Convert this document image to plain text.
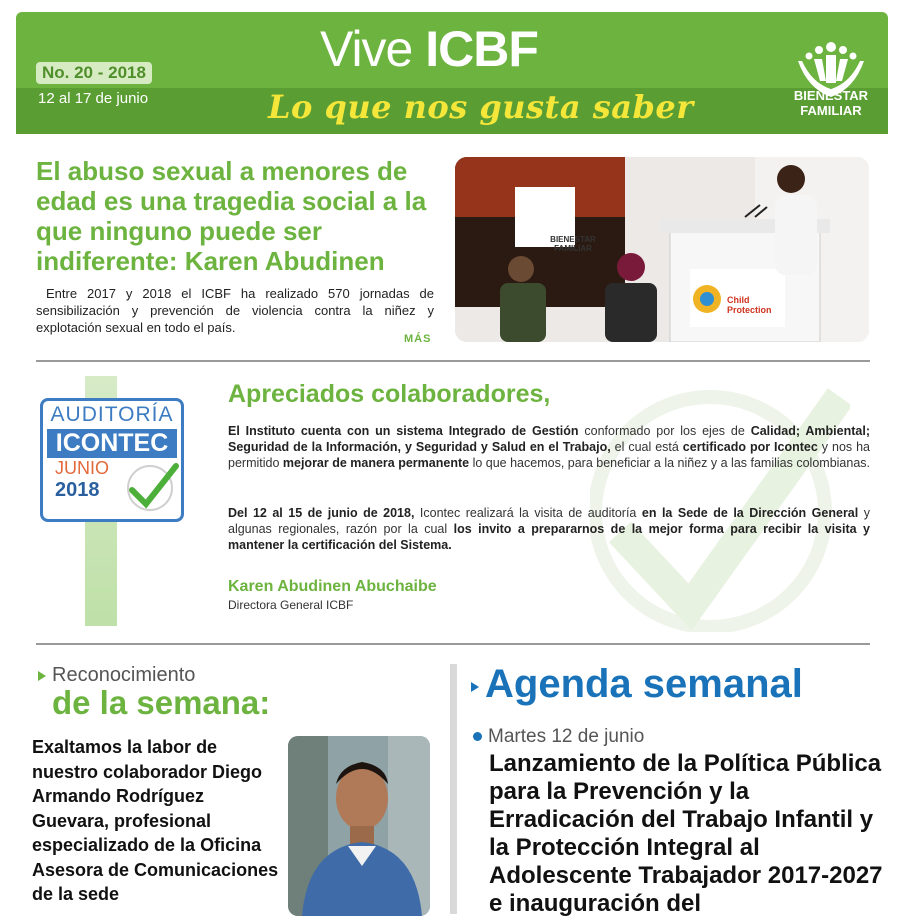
Vive ICBF
No. 20 - 2018
12 al 17 de junio	Lo que nos gusta saber	BIENESTAR
FAMILIAR
El abuso sexual a menores de edad es una tragedia social a la que ninguno puede ser indiferente: Karen Abudinen
Entre 2017 y 2018 el ICBF ha realizado 570 jornadas de sensibilización y prevención de violencia contra la niñez y explotación sexual en todo el país.
MÁS
BIENESTAR
FAMILIAR
Child
Protection
AUDITORÍA
ICONTEC
JUNIO
2018
Apreciados colaboradores,
El Instituto cuenta con un sistema Integrado de Gestión conformado por los ejes de Calidad; Ambiental; Seguridad de la Información, y Seguridad y Salud en el Trabajo, el cual está certificado por Icontec y nos ha permitido mejorar de manera permanente lo que hacemos, para beneficiar a la niñez y a las familias colombianas.
Del 12 al 15 de junio de 2018, Icontec realizará la visita de auditoría en la Sede de la Dirección General y algunas regionales, razón por la cual los invito a prepararnos de la mejor forma para recibir la visita y mantener la certificación del Sistema.
Karen Abudinen Abuchaibe
Directora General ICBF
Reconocimiento
de la semana:
Exaltamos la labor de nuestro colaborador Diego Armando Rodríguez Guevara, profesional especializado de la Oficina Asesora de Comunicaciones de la sede
Agenda semanal
Martes 12 de junio
Lanzamiento de la Política Pública para la Prevención y la Erradicación del Trabajo Infantil y la Protección Integral al Adolescente Trabajador 2017-2027 e inauguración del
